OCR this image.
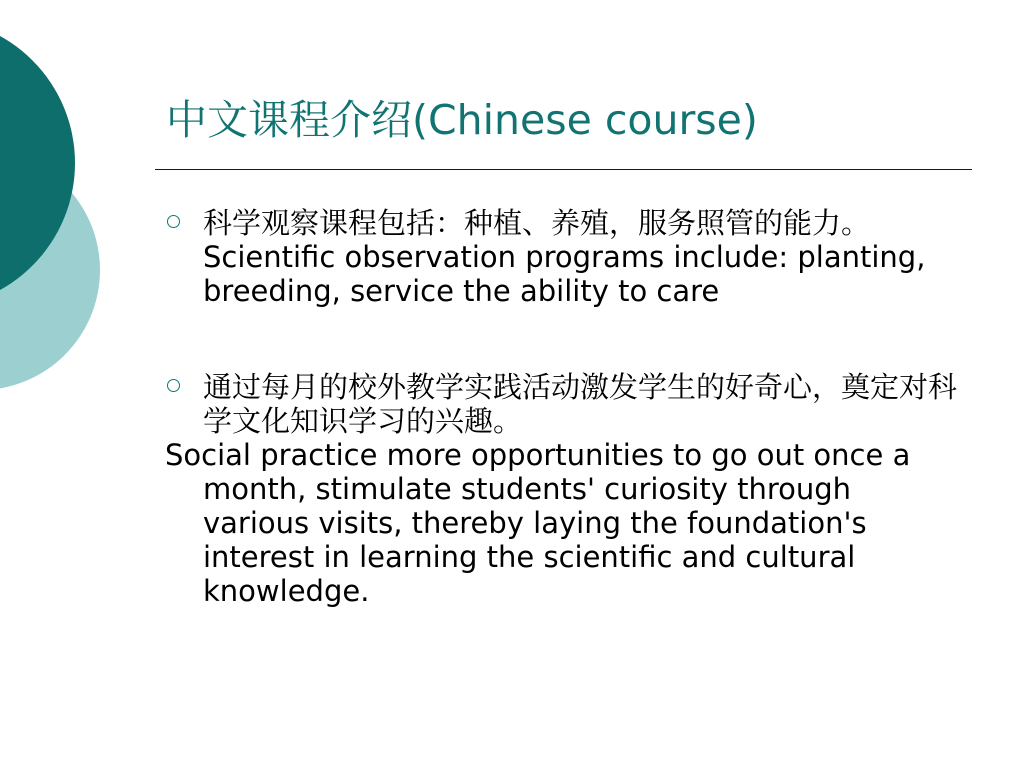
中文课程介绍(Chinese course)
科学观察课程包括：种植、养殖，服务照管的能力。Scientific observation programs include: planting, breeding, service the ability to care
通过每月的校外教学实践活动激发学生的好奇心，奠定对科学文化知识学习的兴趣。
Social practice more opportunities to go out once a month, stimulate students' curiosity through various visits, thereby laying the foundation's interest in learning the scientific and cultural knowledge.
